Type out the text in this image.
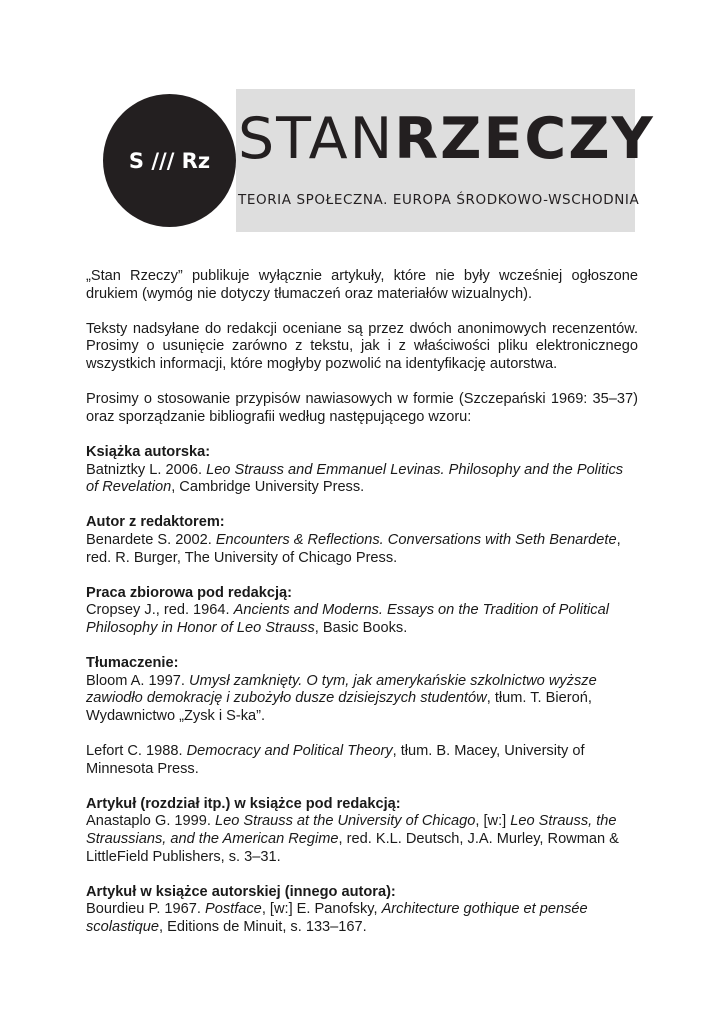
S /// Rz STANRZECZY
TEORIA SPOŁECZNA. EUROPA ŚRODKOWO-WSCHODNIA

„Stan Rzeczy” publikuje wyłącznie artykuły, które nie były wcześniej ogłoszone drukiem (wymóg nie dotyczy tłumaczeń oraz materiałów wizualnych).

Teksty nadsyłane do redakcji oceniane są przez dwóch anonimowych recenzentów. Prosimy o usunięcie zarówno z tekstu, jak i z właściwości pliku elektronicznego wszystkich informacji, które mogłyby pozwolić na identyfikację autorstwa.

Prosimy o stosowanie przypisów nawiasowych w formie (Szczepański 1969: 35–37) oraz sporządzanie bibliografii według następującego wzoru:

Książka autorska:

Batniztky L. 2006. Leo Strauss and Emmanuel Levinas. Philosophy and the Politics of Revelation, Cambridge University Press.

Autor z redaktorem:

Benardete S. 2002. Encounters & Reflections. Conversations with Seth Benardete, red. R. Burger, The University of Chicago Press.

Praca zbiorowa pod redakcją:

Cropsey J., red. 1964. Ancients and Moderns. Essays on the Tradition of Political Philosophy in Honor of Leo Strauss, Basic Books.

Tłumaczenie:

Bloom A. 1997. Umysł zamknięty. O tym, jak amerykańskie szkolnictwo wyższe zawiodło demokrację i zubożyło dusze dzisiejszych studentów, tłum. T. Bieroń, Wydawnictwo „Zysk i S-ka”.

Lefort C. 1988. Democracy and Political Theory, tłum. B. Macey, University of Minnesota Press.

Artykuł (rozdział itp.) w książce pod redakcją:

Anastaplo G. 1999. Leo Strauss at the University of Chicago, [w:] Leo Strauss, the Straussians, and the American Regime, red. K.L. Deutsch, J.A. Murley, Rowman & LittleField Publishers, s. 3–31.

Artykuł w książce autorskiej (innego autora):

Bourdieu P. 1967. Postface, [w:] E. Panofsky, Architecture gothique et pensée scolastique, Editions de Minuit, s. 133–167.
